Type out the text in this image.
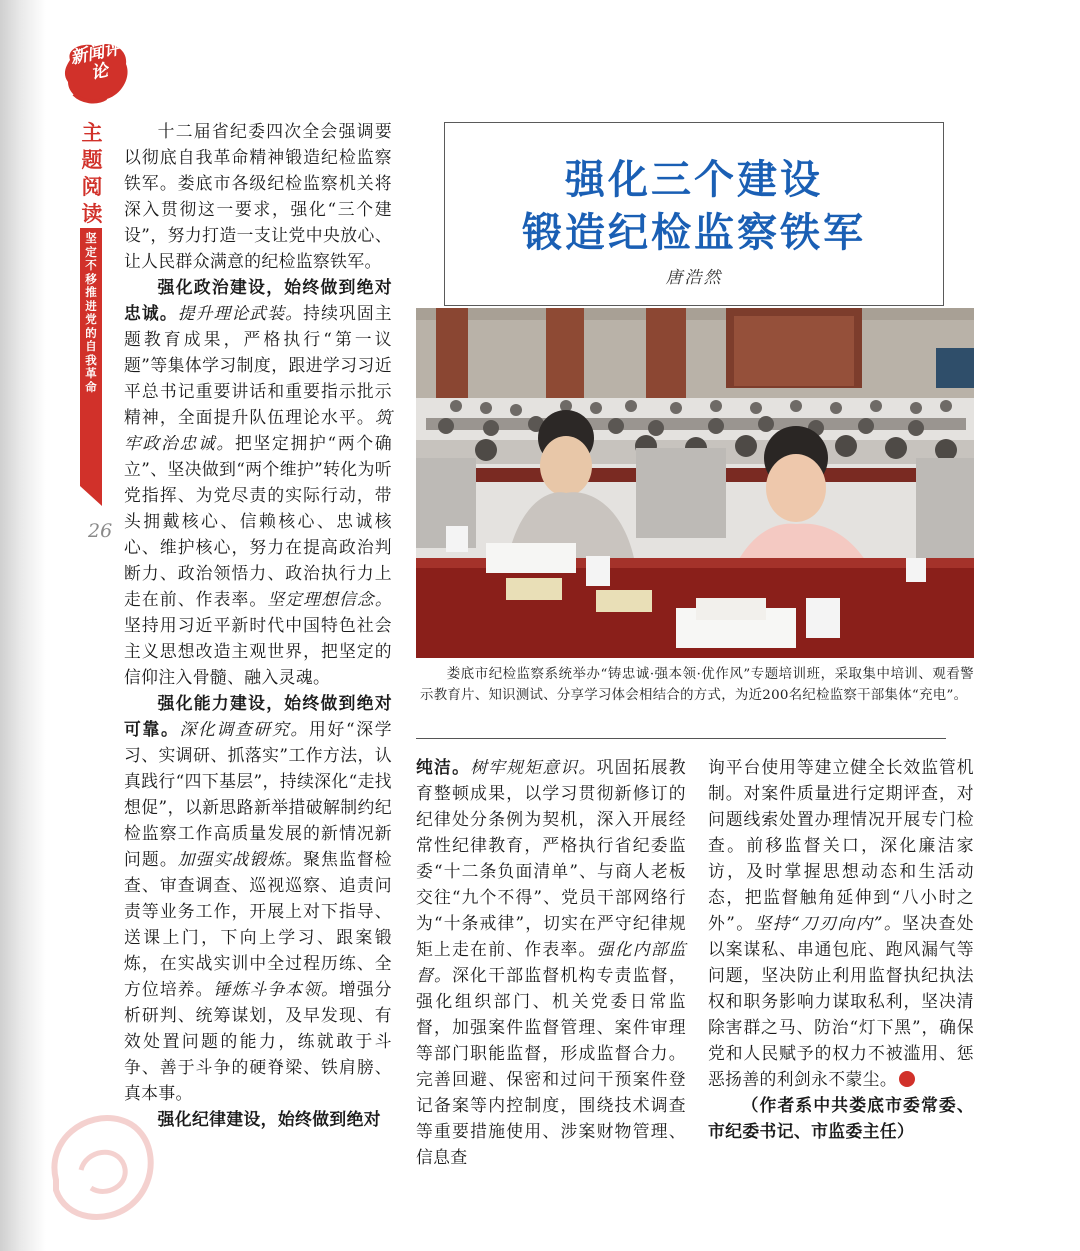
新闻评论
主题阅读
坚定不移推进党的自我革命
26
强化三个建设
锻造纪检监察铁军
唐浩然
娄底市纪检监察系统举办“铸忠诚·强本领·优作风”专题培训班，采取集中培训、观看警示教育片、知识测试、分享学习体会相结合的方式，为近200名纪检监察干部集体“充电”。

十二届省纪委四次全会强调要以彻底自我革命精神锻造纪检监察铁军。娄底市各级纪检监察机关将深入贯彻这一要求，强化“三个建设”，努力打造一支让党中央放心、让人民群众满意的纪检监察铁军。

强化政治建设，始终做到绝对忠诚。提升理论武装。持续巩固主题教育成果，严格执行“第一议题”等集体学习制度，跟进学习习近平总书记重要讲话和重要指示批示精神，全面提升队伍理论水平。筑牢政治忠诚。把坚定拥护“两个确立”、坚决做到“两个维护”转化为听党指挥、为党尽责的实际行动，带头拥戴核心、信赖核心、忠诚核心、维护核心，努力在提高政治判断力、政治领悟力、政治执行力上走在前、作表率。坚定理想信念。坚持用习近平新时代中国特色社会主义思想改造主观世界，把坚定的信仰注入骨髓、融入灵魂。

强化能力建设，始终做到绝对可靠。深化调查研究。用好“深学习、实调研、抓落实”工作方法，认真践行“四下基层”，持续深化“走找想促”，以新思路新举措破解制约纪检监察工作高质量发展的新情况新问题。加强实战锻炼。聚焦监督检查、审查调查、巡视巡察、追责问责等业务工作，开展上对下指导、送课上门，下向上学习、跟案锻炼，在实战实训中全过程历练、全方位培养。锤炼斗争本领。增强分析研判、统筹谋划，及早发现、有效处置问题的能力，练就敢于斗争、善于斗争的硬脊梁、铁肩膀、真本事。

强化纪律建设，始终做到绝对

纯洁。树牢规矩意识。巩固拓展教育整顿成果，以学习贯彻新修订的纪律处分条例为契机，深入开展经常性纪律教育，严格执行省纪委监委“十二条负面清单”、与商人老板交往“九个不得”、党员干部网络行为“十条戒律”，切实在严守纪律规矩上走在前、作表率。强化内部监督。深化干部监督机构专责监督，强化组织部门、机关党委日常监督，加强案件监督管理、案件审理等部门职能监督，形成监督合力。完善回避、保密和过问干预案件登记备案等内控制度，围绕技术调查等重要措施使用、涉案财物管理、信息查

询平台使用等建立健全长效监管机制。对案件质量进行定期评查，对问题线索处置办理情况开展专门检查。前移监督关口，深化廉洁家访，及时掌握思想动态和生活动态，把监督触角延伸到“八小时之外”。坚持“刀刃向内”。坚决查处以案谋私、串通包庇、跑风漏气等问题，坚决防止利用监督执纪执法权和职务影响力谋取私利，坚决清除害群之马、防治“灯下黑”，确保党和人民赋予的权力不被滥用、惩恶扬善的利剑永不蒙尘。

（作者系中共娄底市委常委、市纪委书记、市监委主任）
